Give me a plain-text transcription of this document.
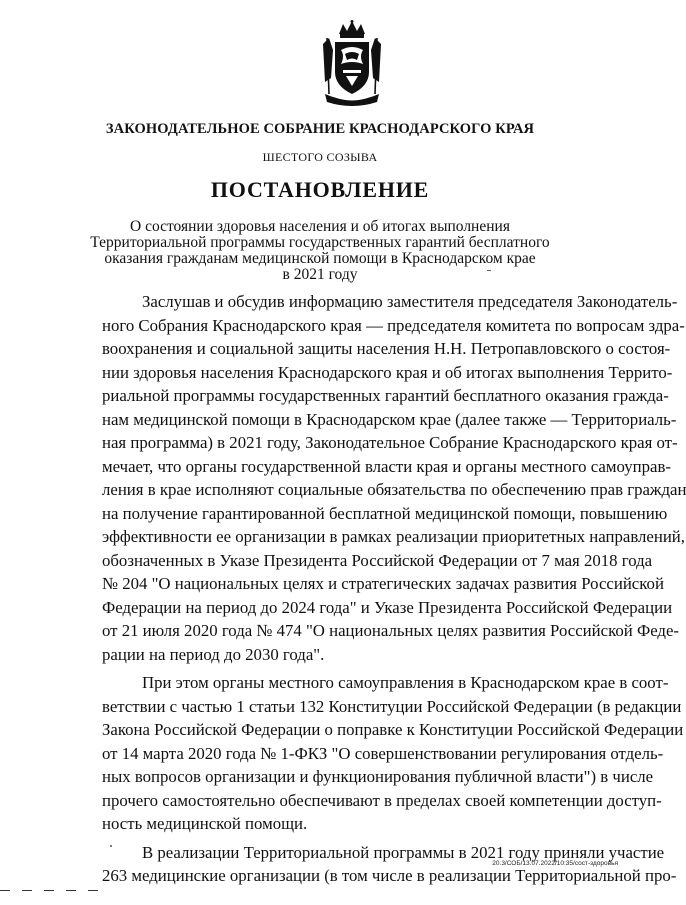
ЗАКОНОДАТЕЛЬНОЕ СОБРАНИЕ КРАСНОДАРСКОГО КРАЯ
ШЕСТОГО СОЗЫВА
ПОСТАНОВЛЕНИЕ
О состоянии здоровья населения и об итогах выполнения
Территориальной программы государственных гарантий бесплатного
оказания гражданам медицинской помощи в Краснодарском крае
в 2021 году
Заслушав и обсудив информацию заместителя председателя Законодатель-
ного Собрания Краснодарского края — председателя комитета по вопросам здра-
воохранения и социальной защиты населения Н.Н. Петропавловского о состоя-
нии здоровья населения Краснодарского края и об итогах выполнения Террито-
риальной программы государственных гарантий бесплатного оказания гражда-
нам медицинской помощи в Краснодарском крае (далее также — Территориаль-
ная программа) в 2021 году, Законодательное Собрание Краснодарского края от-
мечает, что органы государственной власти края и органы местного самоуправ-
ления в крае исполняют социальные обязательства по обеспечению прав граждан
на получение гарантированной бесплатной медицинской помощи, повышению
эффективности ее организации в рамках реализации приоритетных направлений,
обозначенных в Указе Президента Российской Федерации от 7 мая 2018 года
№ 204 "О национальных целях и стратегических задачах развития Российской
Федерации на период до 2024 года" и Указе Президента Российской Федерации
от 21 июля 2020 года № 474 "О национальных целях развития Российской Феде-
рации на период до 2030 года".
При этом органы местного самоуправления в Краснодарском крае в соот-
ветствии с частью 1 статьи 132 Конституции Российской Федерации (в редакции
Закона Российской Федерации о поправке к Конституции Российской Федерации
от 14 марта 2020 года № 1-ФКЗ "О совершенствовании регулирования отдель-
ных вопросов организации и функционирования публичной власти") в числе
прочего самостоятельно обеспечивают в пределах своей компетенции доступ-
ность медицинской помощи.
В реализации Территориальной программы в 2021 году приняли участие
263 медицинские организации (в том числе в реализации Территориальной про-
20.3/СОБ/13.07.2022/10:35/сост-здоровья
